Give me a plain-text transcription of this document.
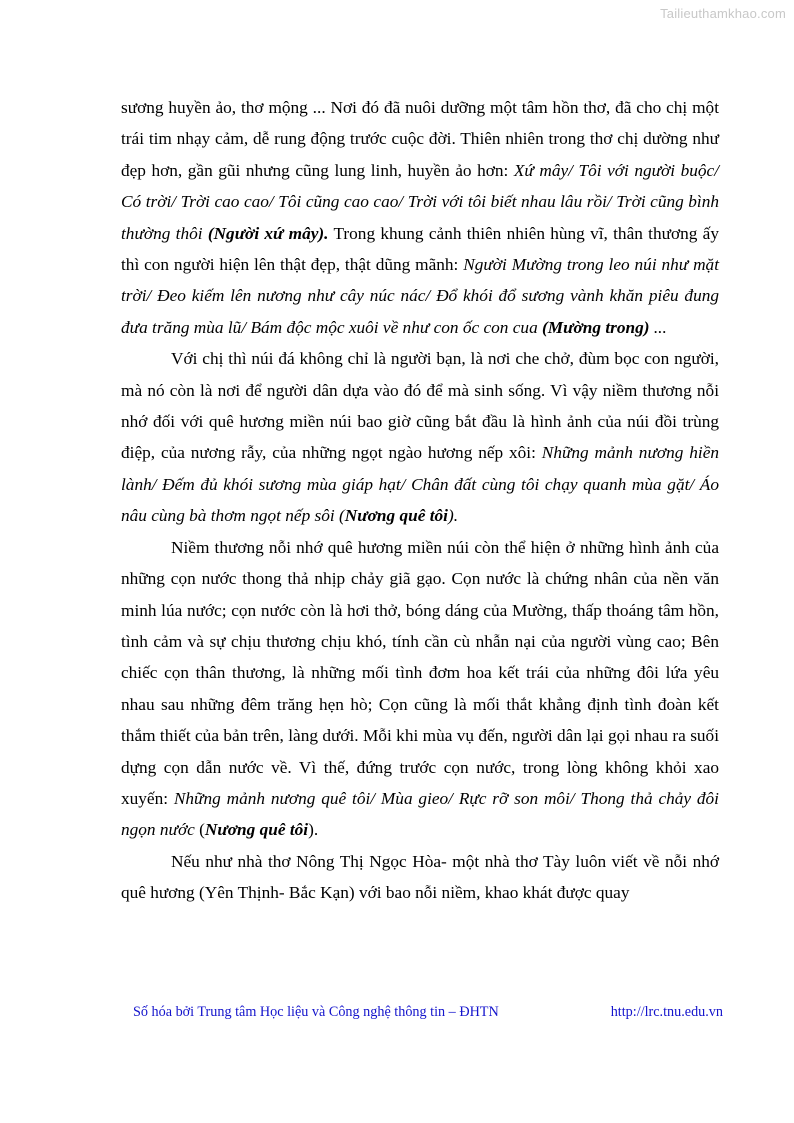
Tailieuthamkhao.com

sương huyền ảo, thơ mộng ... Nơi đó đã nuôi dưỡng một tâm hồn thơ, đã cho chị một trái tim nhạy cảm, dễ rung động trước cuộc đời. Thiên nhiên trong thơ chị dường như đẹp hơn, gần gũi nhưng cũng lung linh, huyền ảo hơn: Xứ mây/ Tôi với người buộc/ Có trời/ Trời cao cao/ Tôi cũng cao cao/ Trời với tôi biết nhau lâu rồi/ Trời cũng bình thường thôi (Người xứ mây). Trong khung cảnh thiên nhiên hùng vĩ, thân thương ấy thì con người hiện lên thật đẹp, thật dũng mãnh: Người Mường trong leo núi như mặt trời/ Đeo kiếm lên nương như cây núc nác/ Đổ khói đổ sương vành khăn piêu đung đưa trăng mùa lũ/ Bám độc mộc xuôi về như con ốc con cua (Mường trong) ...

Với chị thì núi đá không chỉ là người bạn, là nơi che chở, đùm bọc con người, mà nó còn là nơi để người dân dựa vào đó để mà sinh sống. Vì vậy niềm thương nỗi nhớ đối với quê hương miền núi bao giờ cũng bắt đầu là hình ảnh của núi đồi trùng điệp, của nương rẫy, của những ngọt ngào hương nếp xôi: Những mảnh nương hiền lành/ Đếm đủ khói sương mùa giáp hạt/ Chân đất cùng tôi chạy quanh mùa gặt/ Áo nâu cùng bà thơm ngọt nếp sôi (Nương quê tôi).

Niềm thương nỗi nhớ quê hương miền núi còn thể hiện ở những hình ảnh của những cọn nước thong thả nhịp chảy giã gạo. Cọn nước là chứng nhân của nền văn minh lúa nước; cọn nước còn là hơi thở, bóng dáng của Mường, thấp thoáng tâm hồn, tình cảm và sự chịu thương chịu khó, tính cần cù nhẫn nại của người vùng cao; Bên chiếc cọn thân thương, là những mối tình đơm hoa kết trái của những đôi lứa yêu nhau sau những đêm trăng hẹn hò; Cọn cũng là mối thắt khẳng định tình đoàn kết thắm thiết của bản trên, làng dưới. Mỗi khi mùa vụ đến, người dân lại gọi nhau ra suối dựng cọn dẫn nước về. Vì thế, đứng trước cọn nước, trong lòng không khỏi xao xuyến: Những mảnh nương quê tôi/ Mùa gieo/ Rực rỡ son môi/ Thong thả chảy đôi ngọn nước (Nương quê tôi).

Nếu như nhà thơ Nông Thị Ngọc Hòa- một nhà thơ Tày luôn viết về nỗi nhớ quê hương (Yên Thịnh- Bắc Kạn) với bao nỗi niềm, khao khát được quay

Số hóa bởi Trung tâm Học liệu và Công nghệ thông tin – ĐHTN	http://lrc.tnu.edu.vn
